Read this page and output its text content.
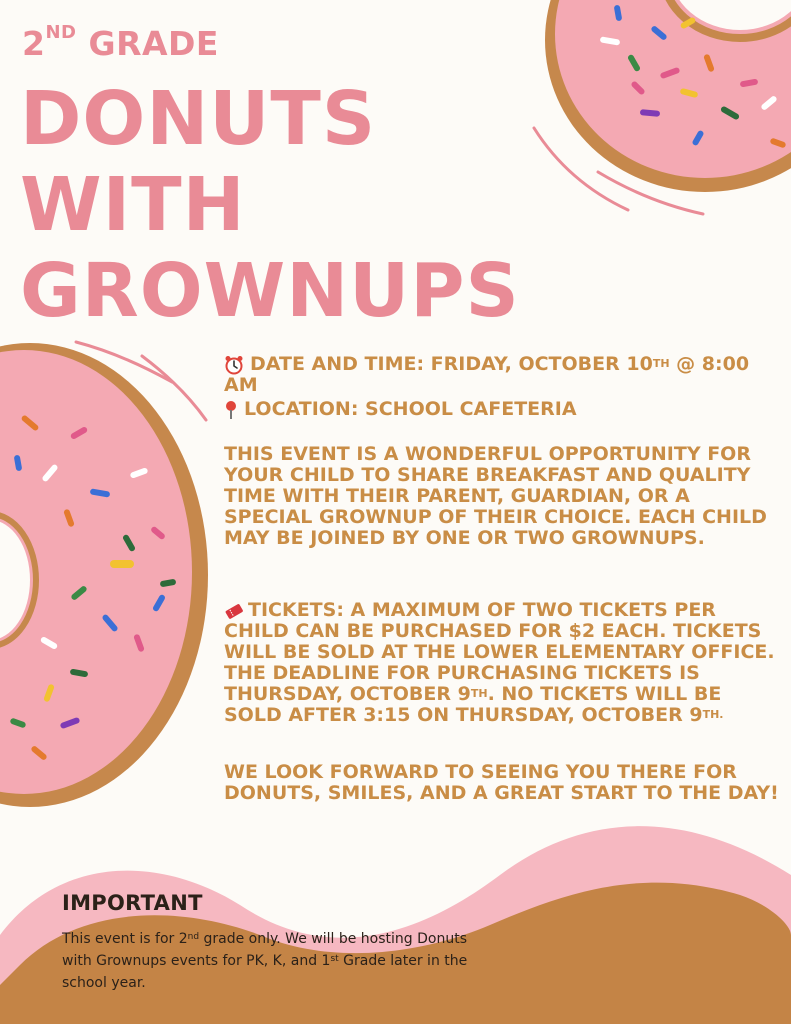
2ND GRADE
DONUTS
WITH
GROWNUPS
DATE AND TIME: FRIDAY, OCTOBER 10TH @ 8:00 AM
LOCATION: SCHOOL CAFETERIA
THIS EVENT IS A WONDERFUL OPPORTUNITY FOR YOUR CHILD TO SHARE BREAKFAST AND QUALITY TIME WITH THEIR PARENT, GUARDIAN, OR A SPECIAL GROWNUP OF THEIR CHOICE. EACH CHILD MAY BE JOINED BY ONE OR TWO GROWNUPS.
TICKETS: A MAXIMUM OF TWO TICKETS PER CHILD CAN BE PURCHASED FOR $2 EACH. TICKETS WILL BE SOLD AT THE LOWER ELEMENTARY OFFICE. THE DEADLINE FOR PURCHASING TICKETS IS THURSDAY, OCTOBER 9TH. NO TICKETS WILL BE SOLD AFTER 3:15 ON THURSDAY, OCTOBER $9^{TH.}$
WE LOOK FORWARD TO SEEING YOU THERE FOR DONUTS, SMILES, AND A GREAT START TO THE DAY!
IMPORTANT
This event is for 2nd grade only. We will be hosting Donuts with Grownups events for PK, K, and 1st Grade later in the school year.
